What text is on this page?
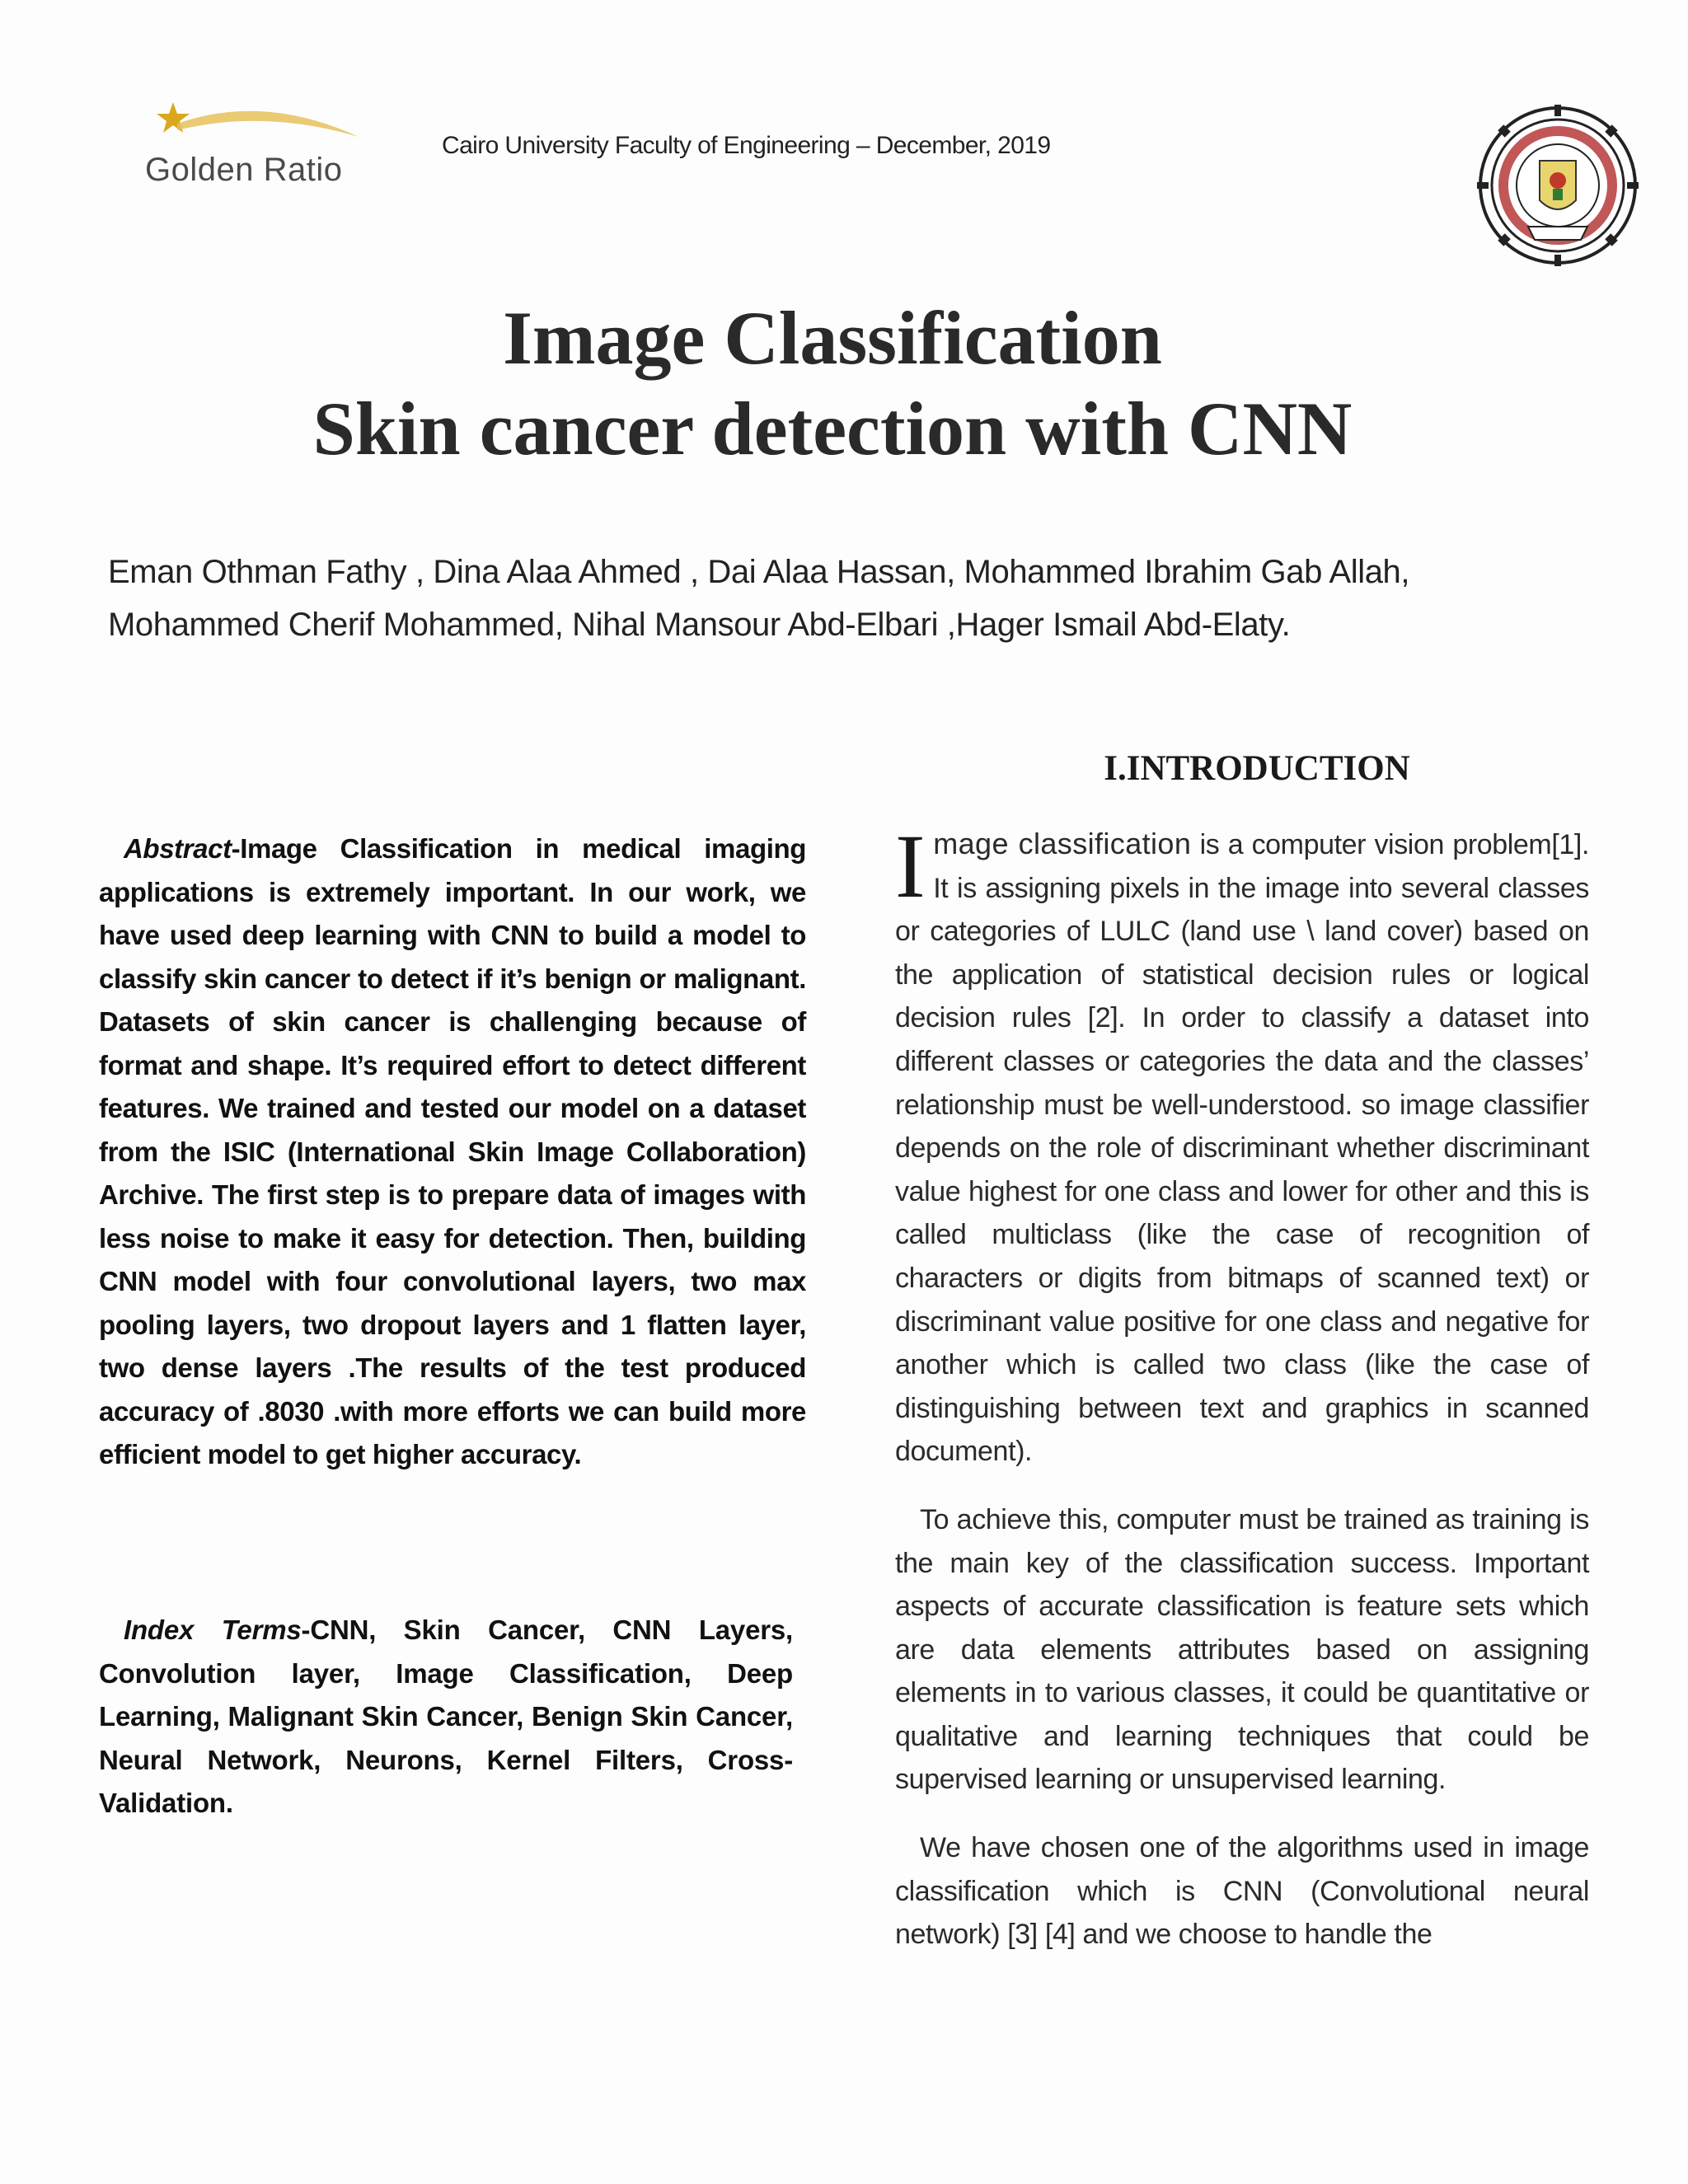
Golden Ratio
Cairo University Faculty of Engineering – December, 2019
Image Classification
Skin cancer detection with CNN
Eman Othman Fathy , Dina Alaa Ahmed , Dai Alaa Hassan, Mohammed Ibrahim Gab Allah,
Mohammed Cherif Mohammed, Nihal Mansour Abd-Elbari ,Hager Ismail Abd-Elaty.
Abstract-Image Classification in medical imaging applications is extremely important. In our work, we have used deep learning with CNN to build a model to classify skin cancer to detect if it’s benign or malignant. Datasets of skin cancer is challenging because of format and shape. It’s required effort to detect different features. We trained and tested our model on a dataset from the ISIC (International Skin Image Collaboration) Archive. The first step is to prepare data of images with less noise to make it easy for detection. Then, building CNN model with four convolutional layers, two max pooling layers, two dropout layers and 1 flatten layer, two dense layers .The results of the test produced accuracy of .8030 .with more efforts we can build more efficient model to get higher accuracy.
Index Terms-CNN, Skin Cancer, CNN Layers, Convolution layer, Image Classification, Deep Learning, Malignant Skin Cancer, Benign Skin Cancer, Neural Network, Neurons, Kernel Filters, Cross-Validation.
I.INTRODUCTION

Image classification is a computer vision problem[1]. It is assigning pixels in the image into several classes or categories of LULC (land use \ land cover) based on the application of statistical decision rules or logical decision rules [2]. In order to classify a dataset into different classes or categories the data and the classes’ relationship must be well-understood. so image classifier depends on the role of discriminant whether discriminant value highest for one class and lower for other and this is called multiclass (like the case of recognition of characters or digits from bitmaps of scanned text) or discriminant value positive for one class and negative for another which is called two class (like the case of distinguishing between text and graphics in scanned document).

To achieve this, computer must be trained as training is the main key of the classification success. Important aspects of accurate classification is feature sets which are data elements attributes based on assigning elements in to various classes, it could be quantitative or qualitative and learning techniques that could be supervised learning or unsupervised learning.

We have chosen one of the algorithms used in image classification which is CNN (Convolutional neural network) [3] [4] and we choose to handle the
